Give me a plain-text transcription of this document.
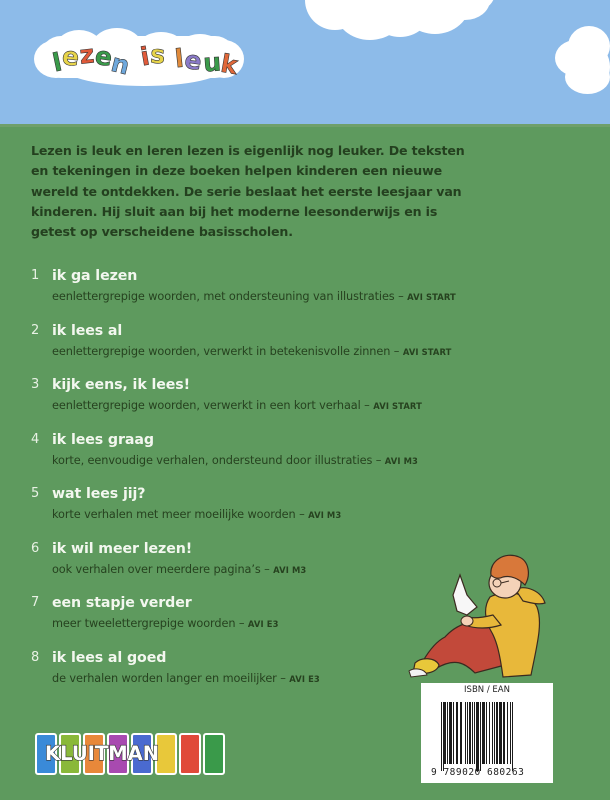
l
e
z
e
n i
s l
e
u
k

Lezen is leuk en leren lezen is eigenlijk nog leuker. De teksten
en tekeningen in deze boeken helpen kinderen een nieuwe
wereld te ontdekken. De serie beslaat het eerste leesjaar van
kinderen. Hij sluit aan bij het moderne leesonderwijs en is
getest op verscheidene basisscholen.

1 ik ga lezen
eenlettergrepige woorden, met ondersteuning van illustraties – AVI START
2 ik lees al
eenlettergrepige woorden, verwerkt in betekenisvolle zinnen – AVI START
3 kijk eens, ik lees!
eenlettergrepige woorden, verwerkt in een kort verhaal – AVI START
4 ik lees graag
korte, eenvoudige verhalen, ondersteund door illustraties – AVI M3
5 wat lees jij?
korte verhalen met meer moeilijke woorden – AVI M3
6 ik wil meer lezen!
ook verhalen over meerdere pagina’s – AVI M3
7 een stapje verder
meer tweelettergrepige woorden – AVI E3
8 ik lees al goed
de verhalen worden langer en moeilijker – AVI E3
ISBN / EAN
9 789020 680263
KLUITMAN
